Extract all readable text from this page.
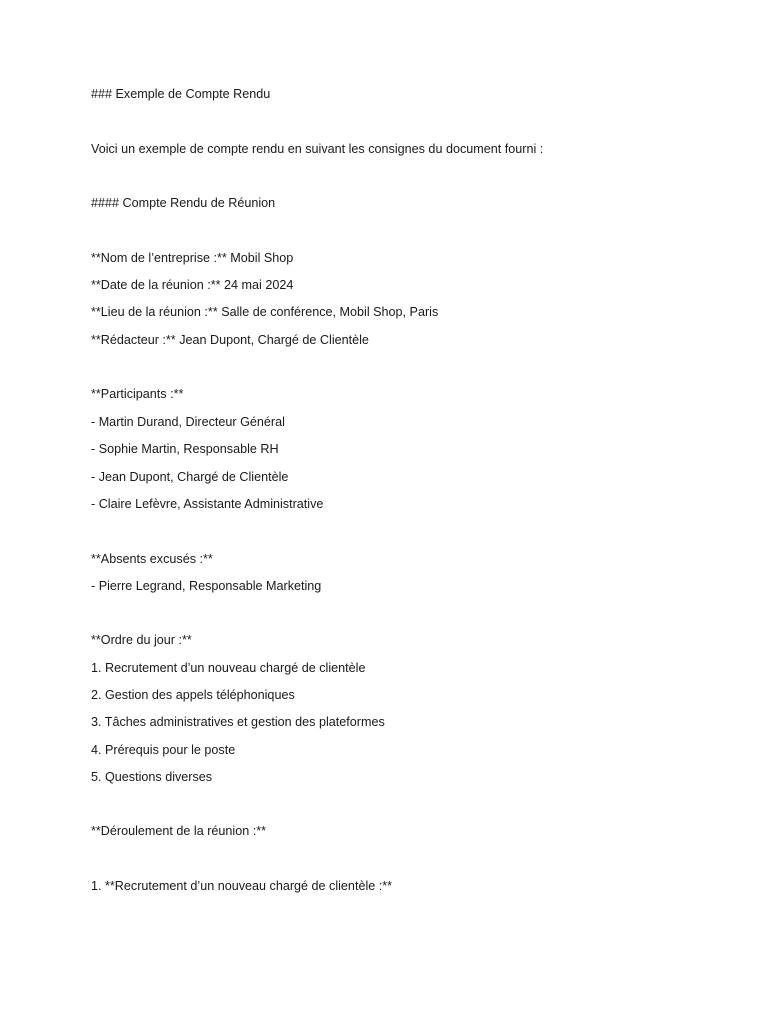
### Exemple de Compte Rendu
Voici un exemple de compte rendu en suivant les consignes du document fourni :
#### Compte Rendu de Réunion
**Nom de l’entreprise :** Mobil Shop
**Date de la réunion :** 24 mai 2024
**Lieu de la réunion :** Salle de conférence, Mobil Shop, Paris
**Rédacteur :** Jean Dupont, Chargé de Clientèle
**Participants :**
- Martin Durand, Directeur Général
- Sophie Martin, Responsable RH
- Jean Dupont, Chargé de Clientèle
- Claire Lefèvre, Assistante Administrative
**Absents excusés :**
- Pierre Legrand, Responsable Marketing
**Ordre du jour :**
1. Recrutement d’un nouveau chargé de clientèle
2. Gestion des appels téléphoniques
3. Tâches administratives et gestion des plateformes
4. Prérequis pour le poste
5. Questions diverses
**Déroulement de la réunion :**
1. **Recrutement d’un nouveau chargé de clientèle :**
